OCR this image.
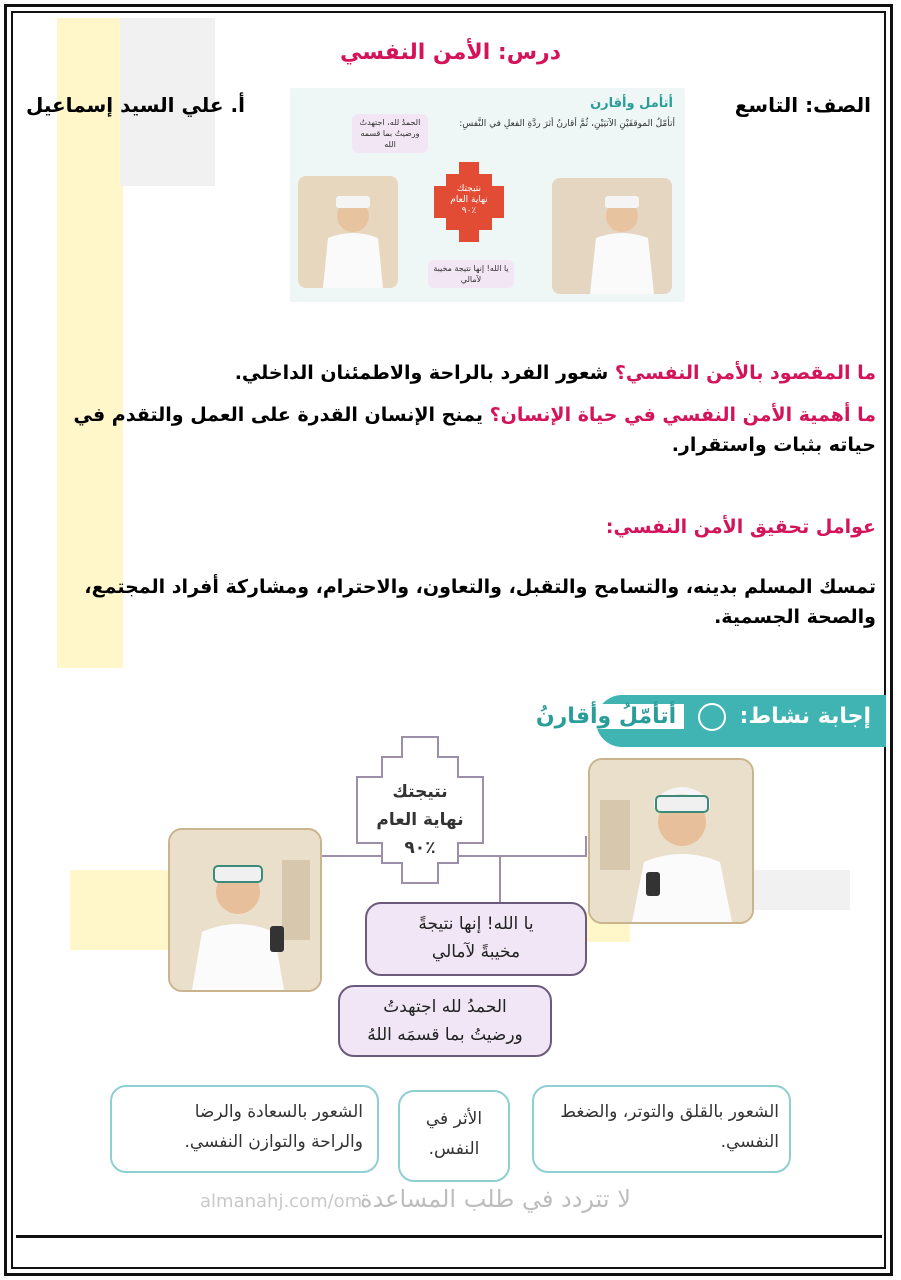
درس: الأمن النفسي
الصف: التاسع
أ. علي السيد إسماعيل	أتأمل وأقارن
أتأمّلُ الموقفَيْنِ الآتيَيْنِ، ثُمَّ أقارنُ أثرَ ردَّةِ الفعلِ في النَّفسِ:
الحمدُ لله، اجتهدتُ ورضيتُ بما قسمه الله
نتيجتك
نهاية العام
٪٩٠
يا الله! إنها نتيجة مخيبة لآمالي
ما المقصود بالأمن النفسي؟ شعور الفرد بالراحة والاطمئنان الداخلي.
ما أهمية الأمن النفسي في حياة الإنسان؟ يمنح الإنسان القدرة على العمل والتقدم في حياته بثبات واستقرار.
عوامل تحقيق الأمن النفسي:
تمسك المسلم بدينه، والتسامح والتقبل، والتعاون، والاحترام، ومشاركة أفراد المجتمع، والصحة الجسمية.
إجابة نشاط:  أتأمّلُ وأقارنُ
نتيجتك
نهاية العام
٪٩٠
يا الله! إنها نتيجةً
مخيبةً لآمالي
الحمدُ لله اجتهدتُ
ورضيتُ بما قسمَه اللهُ
الشعور بالقلق والتوتر، والضغط
النفسي.
الأثر في
النفس.
الشعور بالسعادة والرضا
والراحة والتوازن النفسي.
لا تتردد في طلب المساعدة
almanahj.com/om
